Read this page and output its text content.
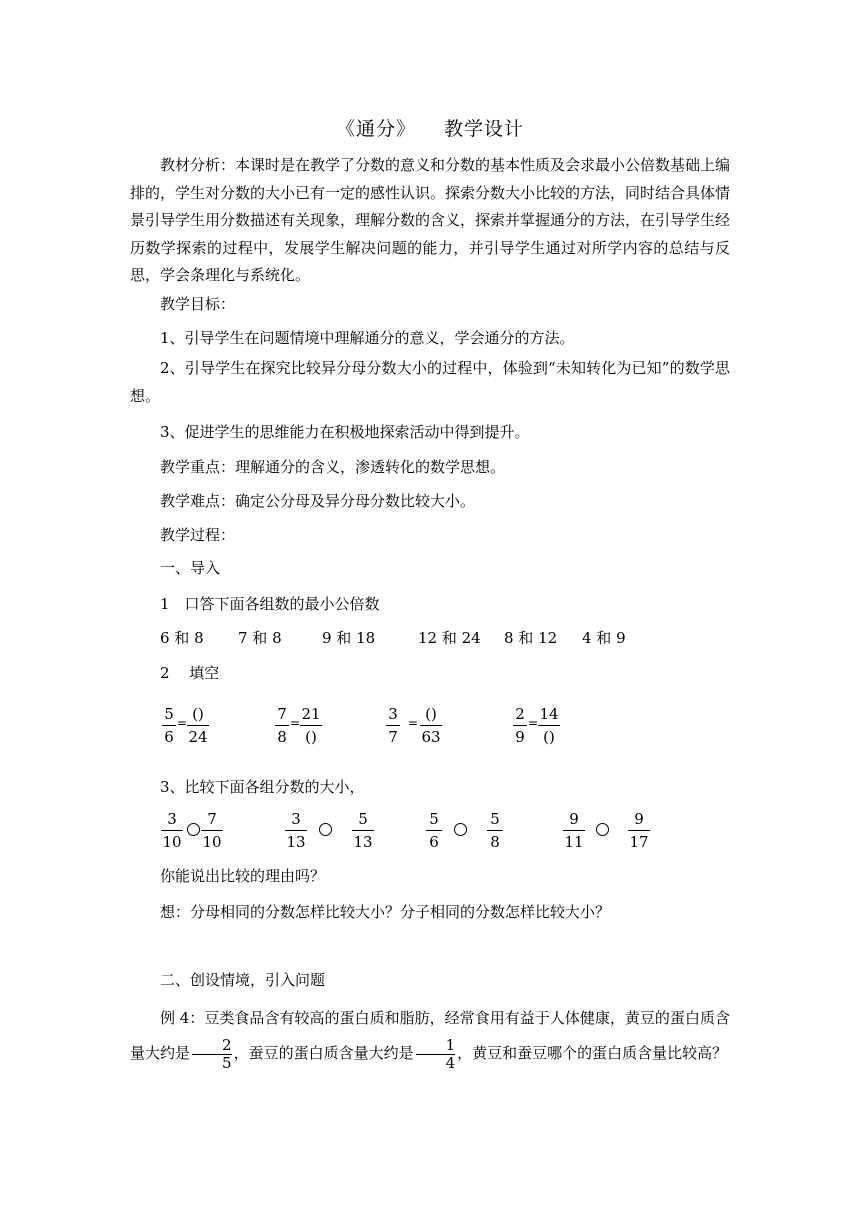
《通分》 教学设计
教材分析：本课时是在教学了分数的意义和分数的基本性质及会求最小公倍数基础上编排的，学生对分数的大小已有一定的感性认识。探索分数大小比较的方法，同时结合具体情景引导学生用分数描述有关现象，理解分数的含义，探索并掌握通分的方法，在引导学生经历数学探索的过程中，发展学生解决问题的能力，并引导学生通过对所学内容的总结与反思，学会条理化与系统化。
教学目标：
1、引导学生在问题情境中理解通分的意义，学会通分的方法。
2、引导学生在探究比较异分母分数大小的过程中，体验到“未知转化为已知”的数学思想。
3、促进学生的思维能力在积极地探索活动中得到提升。
教学重点：理解通分的含义，渗透转化的数学思想。
教学难点：确定公分母及异分母分数比较大小。
教学过程：
一、导入
1　口答下面各组数的最小公倍数
6 和 8 7 和 8	9 和 18	12 和 24 8 和 12 4 和 9
2　 填空
5
6
= ()
24
7
8
= 21
()
3
7
= ()
63
2
9
= 14
()
3、比较下面各组分数的大小，
3
10
7
10
3
13
5
13
5
6
5
8
9
11
9
17
你能说出比较的理由吗？
想：分母相同的分数怎样比较大小？分子相同的分数怎样比较大小？
二、创设情境，引入问题
例 4：豆类食品含有较高的蛋白质和脂肪，经常食用有益于人体健康，黄豆的蛋白质含量大约是 $\frac{2}{5}$ ，蚕豆的蛋白质含量大约是 $\frac{1}{4}$ ，黄豆和蚕豆哪个的蛋白质含量比较高？
